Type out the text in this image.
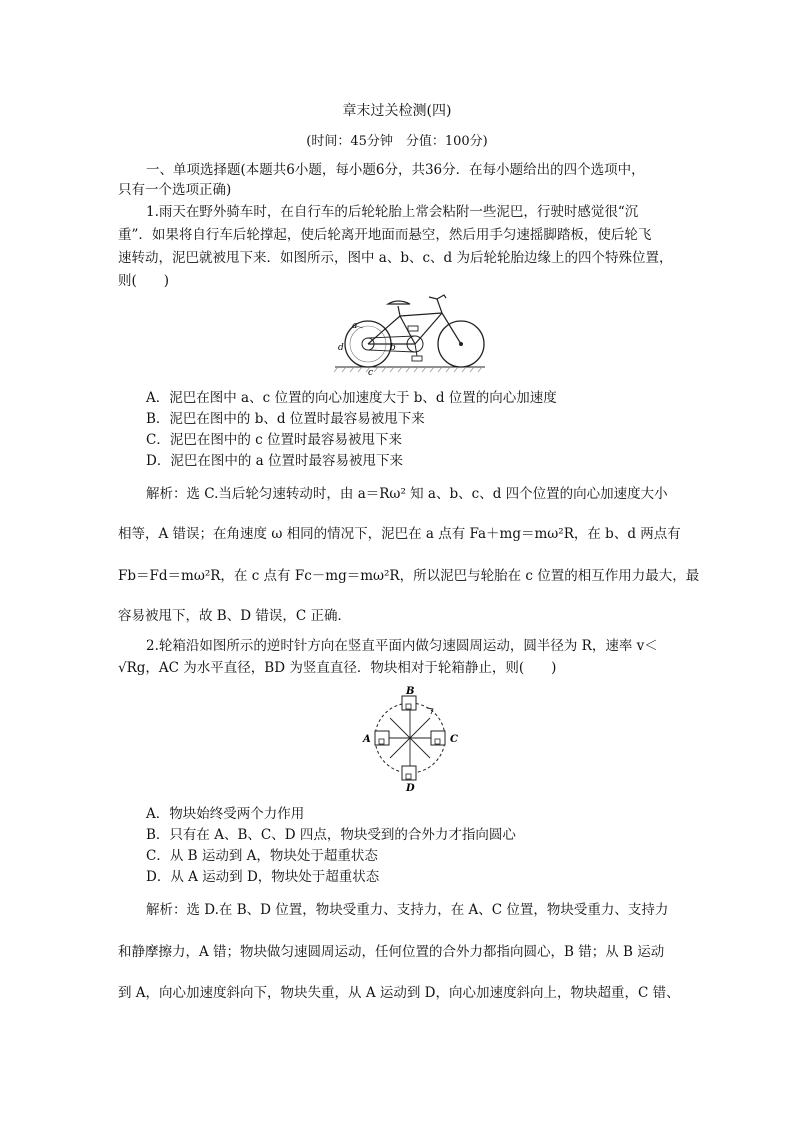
章末过关检测(四)
(时间：45分钟　分值：100分)
一、单项选择题(本题共6小题，每小题6分，共36分．在每小题给出的四个选项中，
只有一个选项正确)
1.雨天在野外骑车时，在自行车的后轮轮胎上常会粘附一些泥巴，行驶时感觉很“沉
重”．如果将自行车后轮撑起，使后轮离开地面而悬空，然后用手匀速摇脚踏板，使后轮飞
速转动，泥巴就被甩下来．如图所示，图中 a、b、c、d 为后轮轮胎边缘上的四个特殊位置，
则(　　)
a
b
c
d
A．泥巴在图中 a、c 位置的向心加速度大于 b、d 位置的向心加速度
B．泥巴在图中的 b、d 位置时最容易被甩下来
C．泥巴在图中的 c 位置时最容易被甩下来
D．泥巴在图中的 a 位置时最容易被甩下来
解析：选 C.当后轮匀速转动时，由 a＝Rω² 知 a、b、c、d 四个位置的向心加速度大小
相等，A 错误；在角速度 ω 相同的情况下，泥巴在 a 点有 Fa＋mg＝mω²R，在 b、d 两点有
Fb＝Fd＝mω²R，在 c 点有 Fc－mg＝mω²R，所以泥巴与轮胎在 c 位置的相互作用力最大，最
容易被甩下，故 B、D 错误，C 正确．
2.轮箱沿如图所示的逆时针方向在竖直平面内做匀速圆周运动，圆半径为 R，速率 v＜
√Rg，AC 为水平直径，BD 为竖直直径．物块相对于轮箱静止，则(　　)
B
D
A	C
A．物块始终受两个力作用
B．只有在 A、B、C、D 四点，物块受到的合外力才指向圆心
C．从 B 运动到 A，物块处于超重状态
D．从 A 运动到 D，物块处于超重状态
解析：选 D.在 B、D 位置，物块受重力、支持力，在 A、C 位置，物块受重力、支持力
和静摩擦力，A 错；物块做匀速圆周运动，任何位置的合外力都指向圆心，B 错；从 B 运动
到 A，向心加速度斜向下，物块失重，从 A 运动到 D，向心加速度斜向上，物块超重，C 错、
